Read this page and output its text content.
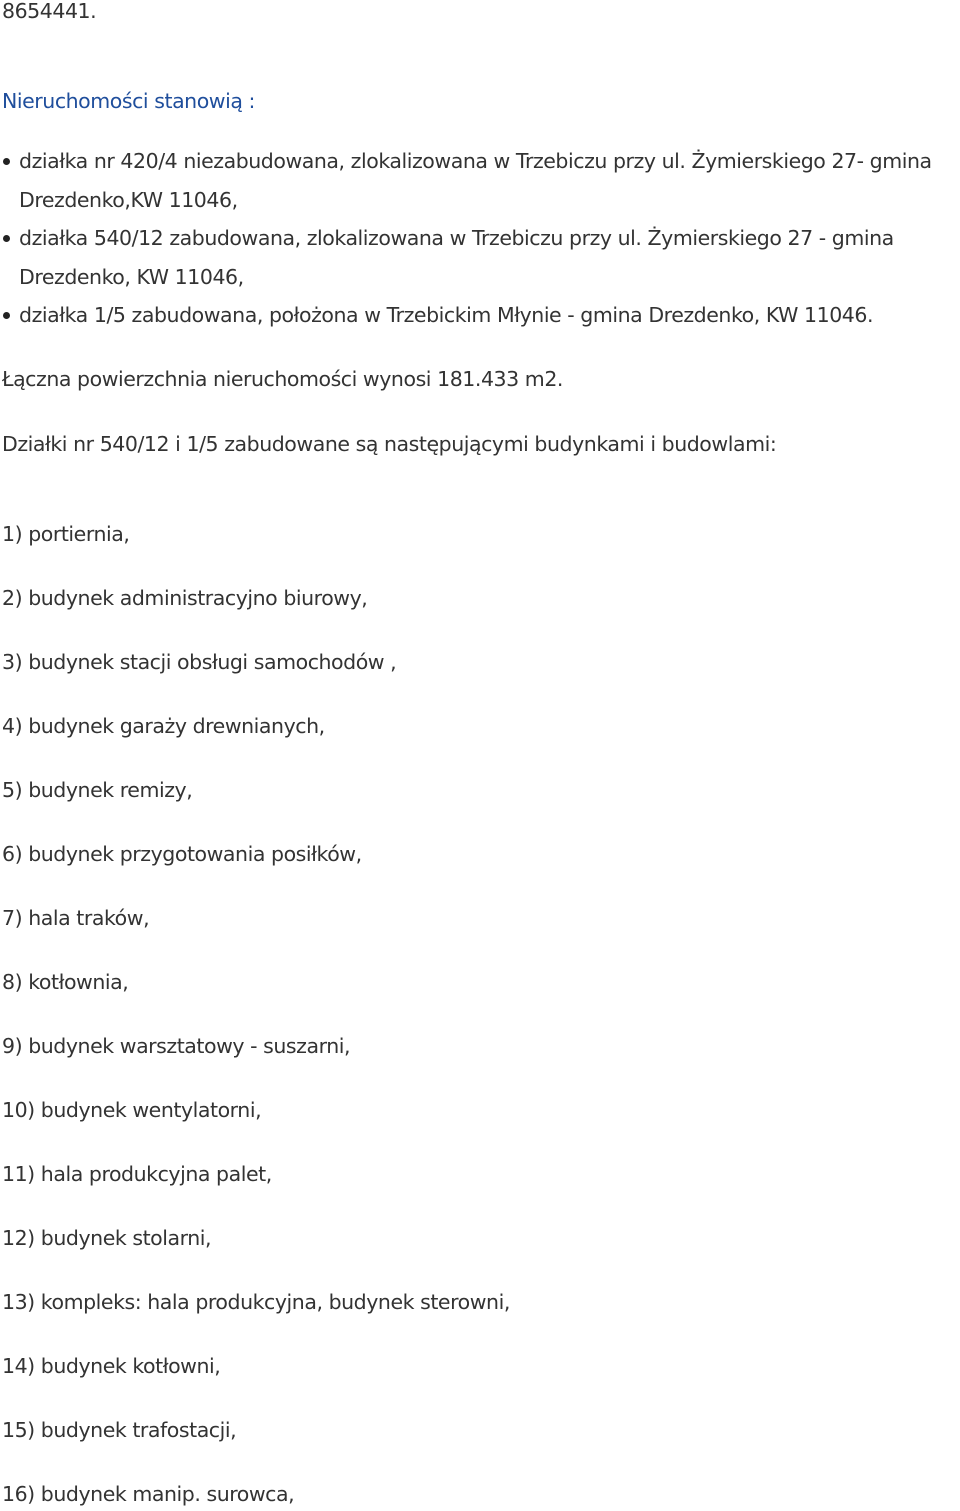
8654441.
Nieruchomości stanowią :
działka nr 420/4 niezabudowana, zlokalizowana w Trzebiczu przy ul. Żymierskiego 27- gmina Drezdenko,KW 11046,
działka 540/12 zabudowana, zlokalizowana w Trzebiczu przy ul. Żymierskiego 27 - gmina Drezdenko, KW 11046,
działka 1/5 zabudowana, położona w Trzebickim Młynie - gmina Drezdenko, KW 11046.
Łączna powierzchnia nieruchomości wynosi 181.433 m2.
Działki nr 540/12 i 1/5 zabudowane są następującymi budynkami i budowlami:
1) portiernia,
2) budynek administracyjno biurowy,
3) budynek stacji obsługi samochodów ,
4) budynek garaży drewnianych,
5) budynek remizy,
6) budynek przygotowania posiłków,
7) hala traków,
8) kotłownia,
9) budynek warsztatowy - suszarni,
10) budynek wentylatorni,
11) hala produkcyjna palet,
12) budynek stolarni,
13) kompleks: hala produkcyjna, budynek sterowni,
14) budynek kotłowni,
15) budynek trafostacji,
16) budynek manip. surowca,
